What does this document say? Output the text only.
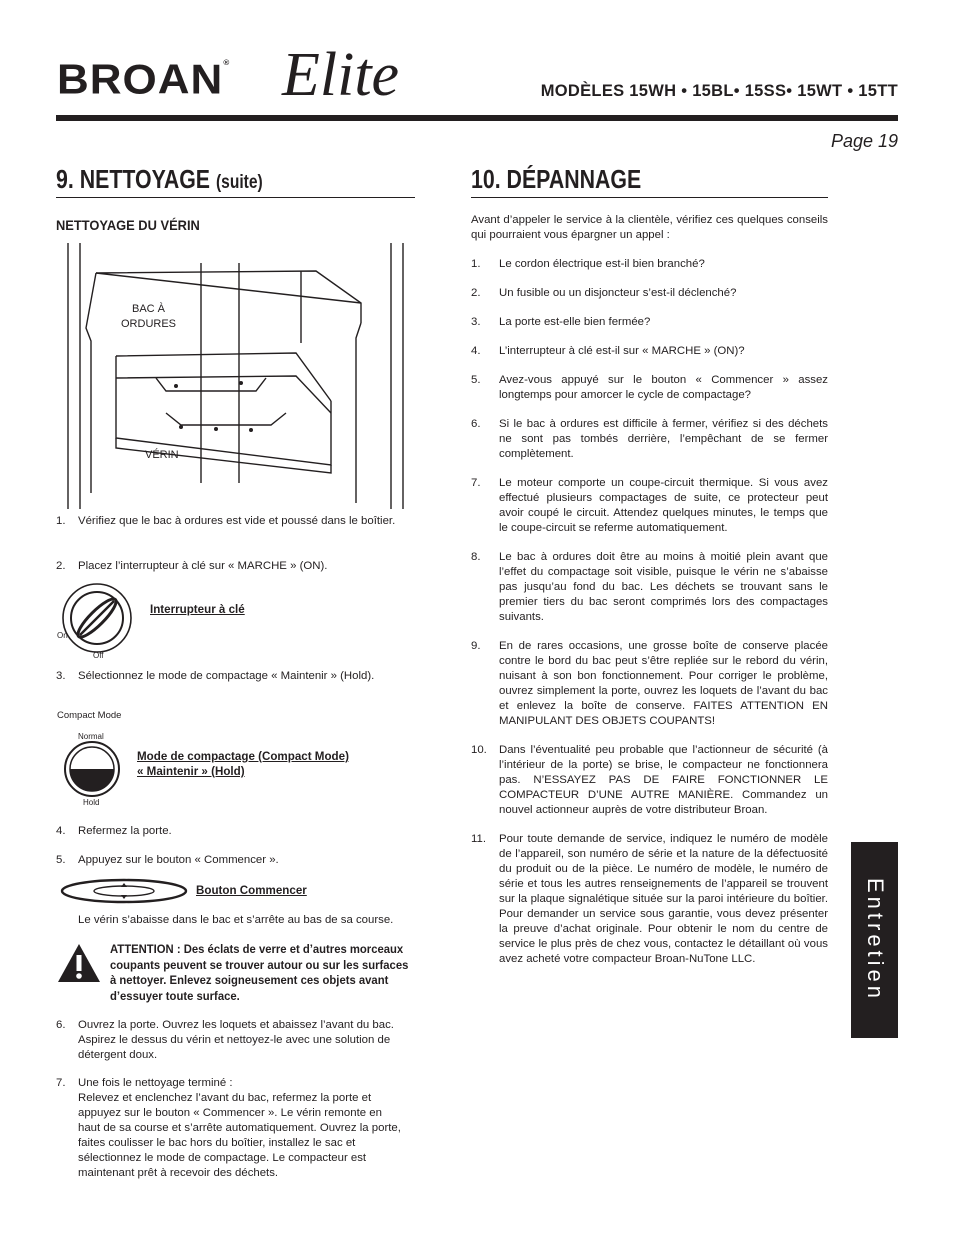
BROAN® Elite	MODÈLES 15WH • 15BL• 15SS• 15WT • 15TT
Page 19
9. NETTOYAGE (suite)
NETTOYAGE DU VÉRIN
BAC À
ORDURES
VÉRIN
1. Vérifiez que le bac à ordures est vide et poussé dans le boîtier.
2. Placez l’interrupteur à clé sur « MARCHE » (ON).
On
Off
Interrupteur à clé
3. Sélectionnez le mode de compactage « Maintenir » (Hold).
Compact Mode
Normal
Hold
Mode de compactage (Compact Mode)
« Maintenir » (Hold)
4. Refermez la porte.
5. Appuyez sur le bouton « Commencer ».
Bouton Commencer
Le vérin s’abaisse dans le bac et s’arrête au bas de sa course.
ATTENTION : Des éclats de verre et d’autres morceaux coupants peuvent se trouver autour ou sur les surfaces à nettoyer. Enlevez soigneusement ces objets avant d’essuyer toute surface.
6. Ouvrez la porte. Ouvrez les loquets et abaissez l’avant du bac. Aspirez le dessus du vérin et nettoyez-le avec une solution de détergent doux.
7. Une fois le nettoyage terminé :
Relevez et enclenchez l’avant du bac, refermez la porte et appuyez sur le bouton « Commencer ». Le vérin remonte en haut de sa course et s’arrête automatiquement. Ouvrez la porte, faites coulisser le bac hors du boîtier, installez le sac et sélectionnez le mode de compactage. Le compacteur est maintenant prêt à recevoir des déchets.
10. DÉPANNAGE
Avant d’appeler le service à la clientèle, vérifiez ces quelques conseils qui pourraient vous épargner un appel :
1. Le cordon électrique est-il bien branché?
2. Un fusible ou un disjoncteur s’est-il déclenché?
3. La porte est-elle bien fermée?
4. L’interrupteur à clé est-il sur « MARCHE » (ON)?
5. Avez-vous appuyé sur le bouton « Commencer » assez longtemps pour amorcer le cycle de compactage?
6. Si le bac à ordures est difficile à fermer, vérifiez si des déchets ne sont pas tombés derrière, l’empêchant de se fermer complètement.
7. Le moteur comporte un coupe-circuit thermique. Si vous avez effectué plusieurs compactages de suite, ce protecteur peut avoir coupé le circuit. Attendez quelques minutes, le temps que le coupe-circuit se referme automatiquement.
8. Le bac à ordures doit être au moins à moitié plein avant que l’effet du compactage soit visible, puisque le vérin ne s’abaisse pas jusqu’au fond du bac. Les déchets se trouvant sans le premier tiers du bac seront comprimés lors des compactages suivants.
9. En de rares occasions, une grosse boîte de conserve placée contre le bord du bac peut s’être repliée sur le rebord du vérin, nuisant à son bon fonctionnement. Pour corriger le problème, ouvrez simplement la porte, ouvrez les loquets de l’avant du bac et enlevez la boîte de conserve. FAITES ATTENTION EN MANIPULANT DES OBJETS COUPANTS!
10. Dans l’éventualité peu probable que l’actionneur de sécurité (à l’intérieur de la porte) se brise, le compacteur ne fonctionnera pas. N’ESSAYEZ PAS DE FAIRE FONCTIONNER LE COMPACTEUR D’UNE AUTRE MANIÈRE. Commandez un nouvel actionneur auprès de votre distributeur Broan.
11. Pour toute demande de service, indiquez le numéro de modèle de l’appareil, son numéro de série et la nature de la défectuosité du produit ou de la pièce. Le numéro de modèle, le numéro de série et tous les autres renseignements de l’appareil se trouvent sur la plaque signalétique située sur la paroi intérieure du boîtier. Pour demander un service sous garantie, vous devez présenter la preuve d’achat originale. Pour obtenir le nom du centre de service le plus près de chez vous, contactez le détaillant où vous avez acheté votre compacteur Broan-NuTone LLC.	Entretien
